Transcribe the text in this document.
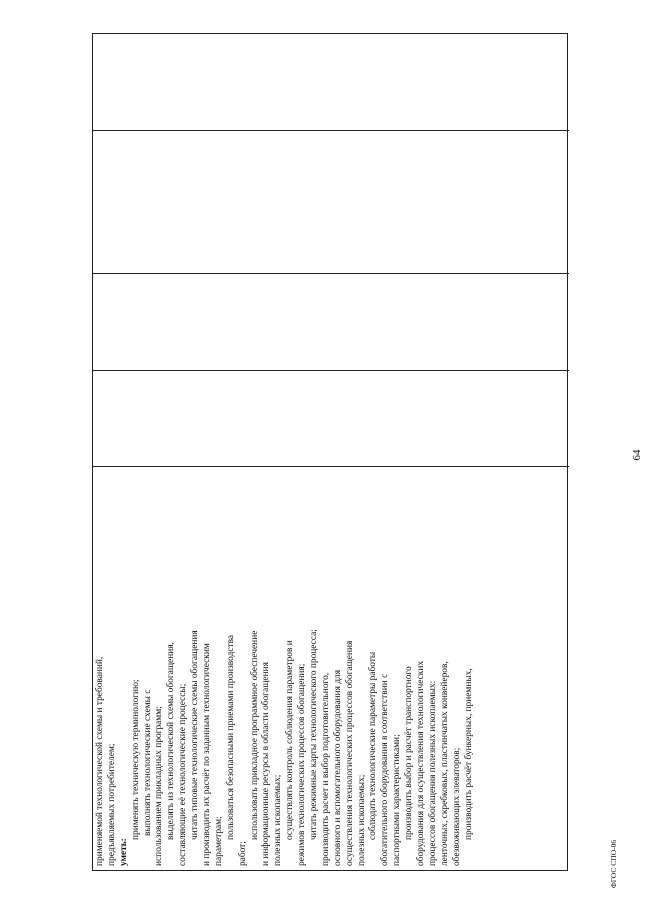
64
применяемой технологической схемы и требований, предъявляемых потребителем; уметь:
применять техническую терминологию; выполнять технологические схемы с использованием прикладных программ; выделять из технологической схемы обогащения, составляющие её технологические процессы; читать типовые технологические схемы обогащения и производить их расчёт по заданным технологическим параметрам;
пользоваться безопасными приемами производства
работ;
использовать прикладное программное обеспечение и информационные ресурсы в области обогащения полезных ископаемых; осуществлять контроль соблюдения параметров и режимов технологических процессов обогащения; читать режимные карты технологического процесса; производить расчет и выбор подготовительного, основного и вспомогательного оборудования для осуществления технологических процессов обогащения полезных ископаемых; соблюдать технологические параметры работы обогатительного оборудования в соответствии с паспортными характеристиками; производить выбор и расчёт транспортного оборудования для осуществления технологических процессов обогащения полезных ископаемых: ленточных, скребковых, пластинчатых конвейеров, обезвоживающих элеваторов; производить расчёт бункерных, приемных,
ФГОС СПО-06
